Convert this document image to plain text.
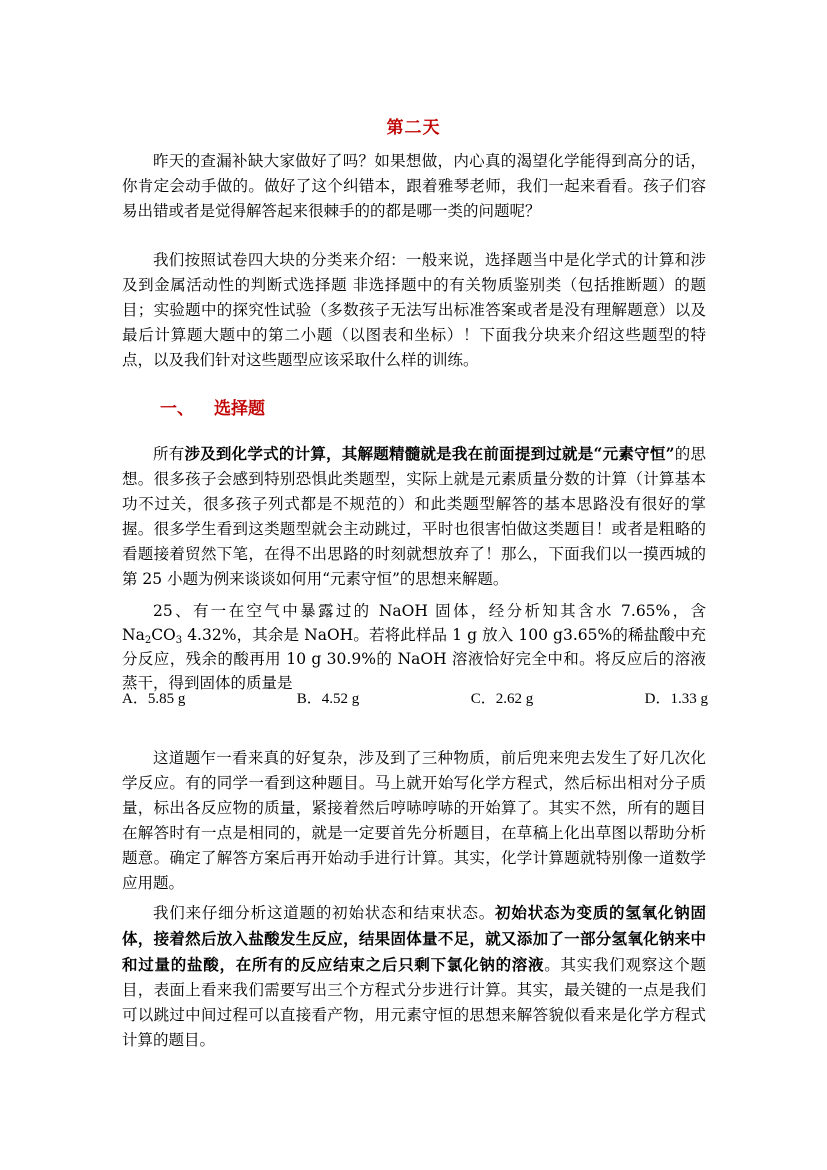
第二天

昨天的查漏补缺大家做好了吗？如果想做，内心真的渴望化学能得到高分的话，你肯定会动手做的。做好了这个纠错本，跟着雅琴老师，我们一起来看看。孩子们容易出错或者是觉得解答起来很棘手的的都是哪一类的问题呢？

我们按照试卷四大块的分类来介绍：一般来说，选择题当中是化学式的计算和涉及到金属活动性的判断式选择题 非选择题中的有关物质鉴别类（包括推断题）的题目；实验题中的探究性试验（多数孩子无法写出标准答案或者是没有理解题意）以及最后计算题大题中的第二小题（以图表和坐标）！下面我分块来介绍这些题型的特点，以及我们针对这些题型应该采取什么样的训练。

一、 选择题

所有涉及到化学式的计算，其解题精髓就是我在前面提到过就是“元素守恒”的思想。很多孩子会感到特别恐惧此类题型，实际上就是元素质量分数的计算（计算基本功不过关，很多孩子列式都是不规范的）和此类题型解答的基本思路没有很好的掌握。很多学生看到这类题型就会主动跳过，平时也很害怕做这类题目！或者是粗略的看题接着贸然下笔，在得不出思路的时刻就想放弃了！那么，下面我们以一摸西城的第 25 小题为例来谈谈如何用“元素守恒”的思想来解题。

25、有一在空气中暴露过的 NaOH 固体，经分析知其含水 7.65%，含 $Na_2CO_3$ 4.32%，其余是 NaOH。若将此样品 1 g 放入 100 g3.65%的稀盐酸中充分反应，残余的酸再用 10 g 30.9%的 NaOH 溶液恰好完全中和。将反应后的溶液蒸干，得到固体的质量是

A．5.85 g	B．4.52 g	C．2.62 g	D．1.33 g

这道题乍一看来真的好复杂，涉及到了三种物质，前后兜来兜去发生了好几次化学反应。有的同学一看到这种题目。马上就开始写化学方程式，然后标出相对分子质量，标出各反应物的质量，紧接着然后哼哧哼哧的开始算了。其实不然，所有的题目在解答时有一点是相同的，就是一定要首先分析题目，在草稿上化出草图以帮助分析题意。确定了解答方案后再开始动手进行计算。其实，化学计算题就特别像一道数学应用题。

我们来仔细分析这道题的初始状态和结束状态。初始状态为变质的氢氧化钠固体，接着然后放入盐酸发生反应，结果固体量不足，就又添加了一部分氢氧化钠来中和过量的盐酸，在所有的反应结束之后只剩下氯化钠的溶液。其实我们观察这个题目，表面上看来我们需要写出三个方程式分步进行计算。其实，最关键的一点是我们可以跳过中间过程可以直接看产物，用元素守恒的思想来解答貌似看来是化学方程式计算的题目。
